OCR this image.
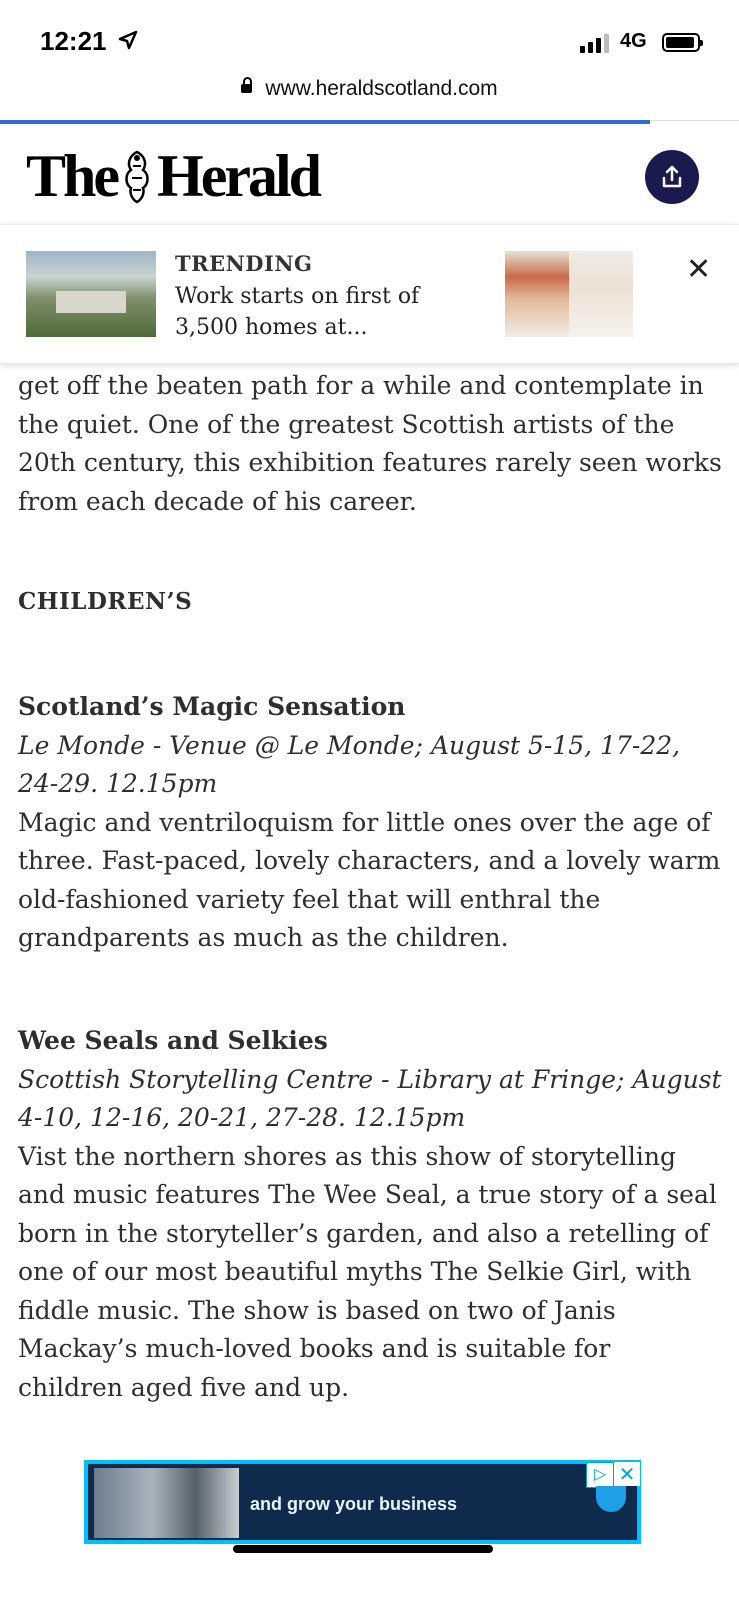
12:21	4G
www.heraldscotland.com
The Herald
TRENDING
Work starts on first of 3,500 homes at...
✕

get off the beaten path for a while and contemplate in the quiet. One of the greatest Scottish artists of the 20th century, this exhibition features rarely seen works from each decade of his career.

CHILDREN’S
Scotland’s Magic Sensation
Le Monde - Venue @ Le Monde; August 5-15, 17-22, 24-29. 12.15pm
Magic and ventriloquism for little ones over the age of three. Fast-paced, lovely characters, and a lovely warm old-fashioned variety feel that will enthral the grandparents as much as the children.
Wee Seals and Selkies
Scottish Storytelling Centre - Library at Fringe; August 4-10, 12-16, 20-21, 27-28. 12.15pm
Vist the northern shores as this show of storytelling and music features The Wee Seal, a true story of a seal born in the storyteller’s garden, and also a retelling of one of our most beautiful myths The Selkie Girl, with fiddle music. The show is based on two of Janis Mackay’s much-loved books and is suitable for children aged five and up.
and grow your business
▷ ✕
